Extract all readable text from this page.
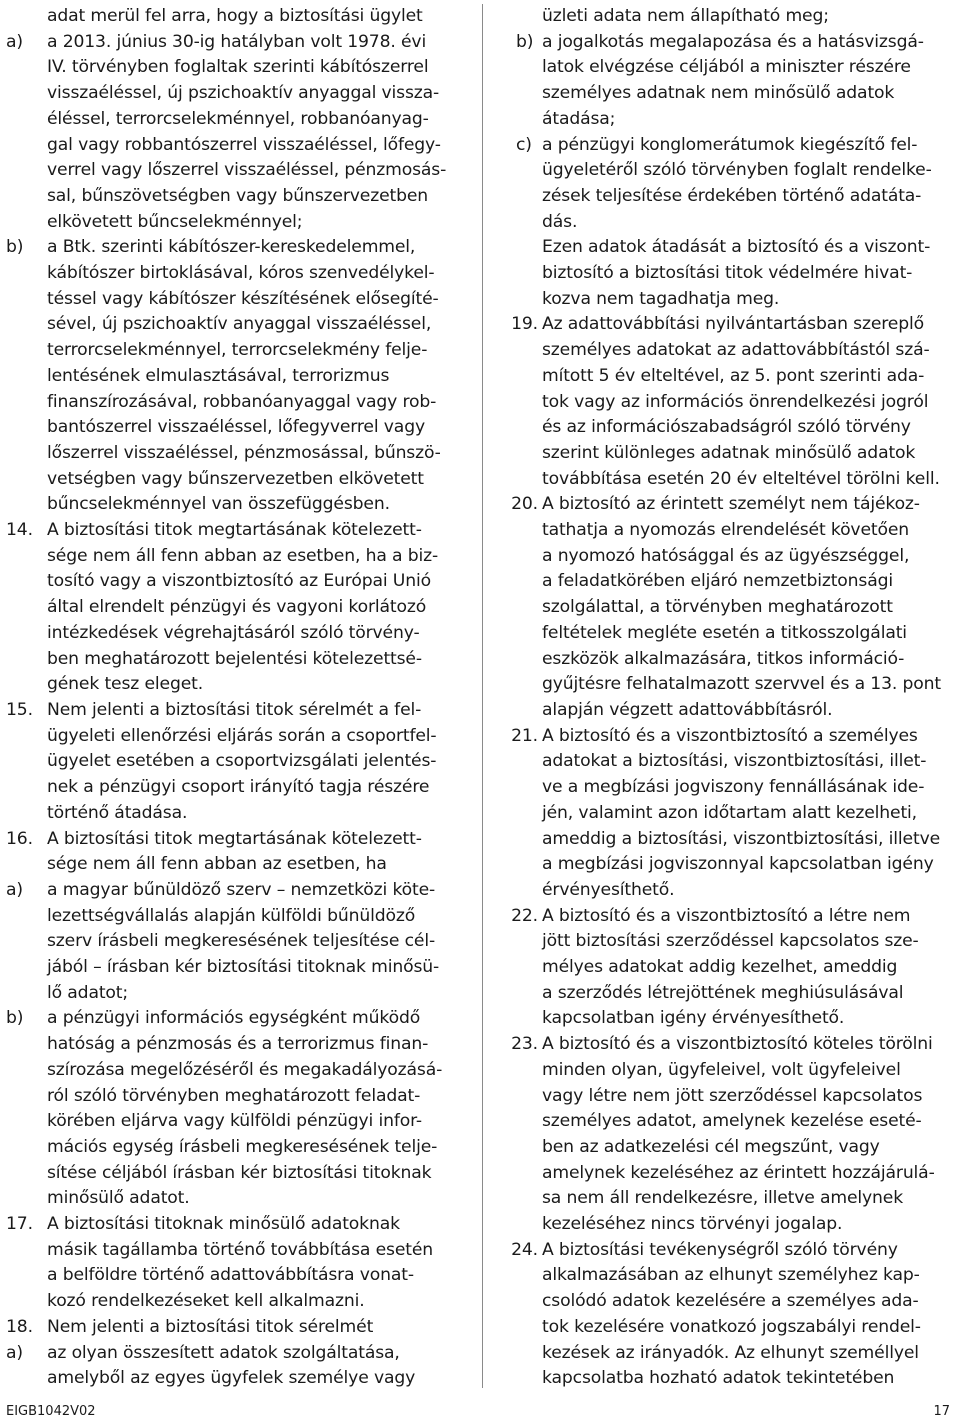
adat merül fel arra, hogy a biztosítási ügylet
a)	a 2013. június 30-ig hatályban volt 1978. évi
IV. törvényben foglaltak szerinti kábítószerrel
visszaéléssel, új pszichoaktív anyaggal vissza-
éléssel, terrorcselekménnyel, robbanóanyag-
gal vagy robbantószerrel visszaéléssel, lőfegy-
verrel vagy lőszerrel visszaéléssel, pénzmosás-
sal, bűnszövetségben vagy bűnszervezetben
elkövetett bűncselekménnyel;
b)	a Btk. szerinti kábítószer-kereskedelemmel,
kábítószer birtoklásával, kóros szenvedélykel-
téssel vagy kábítószer készítésének elősegíté-
sével, új pszichoaktív anyaggal visszaéléssel,
terrorcselekménnyel, terrorcselekmény felje-
lentésének elmulasztásával, terrorizmus
finanszírozásával, robbanóanyaggal vagy rob-
bantószerrel visszaéléssel, lőfegyverrel vagy
lőszerrel visszaéléssel, pénzmosással, bűnszö-
vetségben vagy bűnszervezetben elkövetett
bűncselekménnyel van összefüggésben.
14. A biztosítási titok megtartásának kötelezett-
sége nem áll fenn abban az esetben, ha a biz-
tosító vagy a viszontbiztosító az Európai Unió
által elrendelt pénzügyi és vagyoni korlátozó
intézkedések végrehajtásáról szóló törvény-
ben meghatározott bejelentési kötelezettsé-
gének tesz eleget.
15. Nem jelenti a biztosítási titok sérelmét a fel-
ügyeleti ellenőrzési eljárás során a csoportfel-
ügyelet esetében a csoportvizsgálati jelentés-
nek a pénzügyi csoport irányító tagja részére
történő átadása.
16. A biztosítási titok megtartásának kötelezett-
sége nem áll fenn abban az esetben, ha
a)	a magyar bűnüldöző szerv – nemzetközi köte-
lezettségvállalás alapján külföldi bűnüldöző
szerv írásbeli megkeresésének teljesítése cél-
jából – írásban kér biztosítási titoknak minősü-
lő adatot;
b)	a pénzügyi információs egységként működő
hatóság a pénzmosás és a terrorizmus finan-
szírozása megelőzéséről és megakadályozásá-
ról szóló törvényben meghatározott feladat-
körében eljárva vagy külföldi pénzügyi infor-
mációs egység írásbeli megkeresésének telje-
sítése céljából írásban kér biztosítási titoknak
minősülő adatot.
17. A biztosítási titoknak minősülő adatoknak
másik tagállamba történő továbbítása esetén
a belföldre történő adattovábbításra vonat-
kozó rendelkezéseket kell alkalmazni.
18. Nem jelenti a biztosítási titok sérelmét
a)	az olyan összesített adatok szolgáltatása,
amelyből az egyes ügyfelek személye vagy
üzleti adata nem állapítható meg;
b) a jogalkotás megalapozása és a hatásvizsgá-
latok elvégzése céljából a miniszter részére
személyes adatnak nem minősülő adatok
átadása;
c) a pénzügyi konglomerátumok kiegészítő fel-
ügyeletéről szóló törvényben foglalt rendelke-
zések teljesítése érdekében történő adatáta-
dás.
Ezen adatok átadását a biztosító és a viszont-
biztosító a biztosítási titok védelmére hivat-
kozva nem tagadhatja meg.
19. Az adattovábbítási nyilvántartásban szereplő
személyes adatokat az adattovábbítástól szá-
mított 5 év elteltével, az 5. pont szerinti ada-
tok vagy az információs önrendelkezési jogról
és az információszabadságról szóló törvény
szerint különleges adatnak minősülő adatok
továbbítása esetén 20 év elteltével törölni kell.
20. A biztosító az érintett személyt nem tájékoz-
tathatja a nyomozás elrendelését követően
a nyomozó hatósággal és az ügyészséggel,
a feladatkörében eljáró nemzetbiztonsági
szolgálattal, a törvényben meghatározott
feltételek megléte esetén a titkosszolgálati
eszközök alkalmazására, titkos információ-
gyűjtésre felhatalmazott szervvel és a 13. pont
alapján végzett adattovábbításról.
21. A biztosító és a viszontbiztosító a személyes
adatokat a biztosítási, viszontbiztosítási, illet-
ve a megbízási jogviszony fennállásának ide-
jén, valamint azon időtartam alatt kezelheti,
ameddig a biztosítási, viszontbiztosítási, illetve
a megbízási jogviszonnyal kapcsolatban igény
érvényesíthető.
22. A biztosító és a viszontbiztosító a létre nem
jött biztosítási szerződéssel kapcsolatos sze-
mélyes adatokat addig kezelhet, ameddig
a szerződés létrejöttének meghiúsulásával
kapcsolatban igény érvényesíthető.
23. A biztosító és a viszontbiztosító köteles törölni
minden olyan, ügyfeleivel, volt ügyfeleivel
vagy létre nem jött szerződéssel kapcsolatos
személyes adatot, amelynek kezelése eseté-
ben az adatkezelési cél megszűnt, vagy
amelynek kezeléséhez az érintett hozzájárulá-
sa nem áll rendelkezésre, illetve amelynek
kezeléséhez nincs törvényi jogalap.
24. A biztosítási tevékenységről szóló törvény
alkalmazásában az elhunyt személyhez kap-
csolódó adatok kezelésére a személyes ada-
tok kezelésére vonatkozó jogszabályi rendel-
kezések az irányadók. Az elhunyt személlyel
kapcsolatba hozható adatok tekintetében
EIGB1042V02	17
